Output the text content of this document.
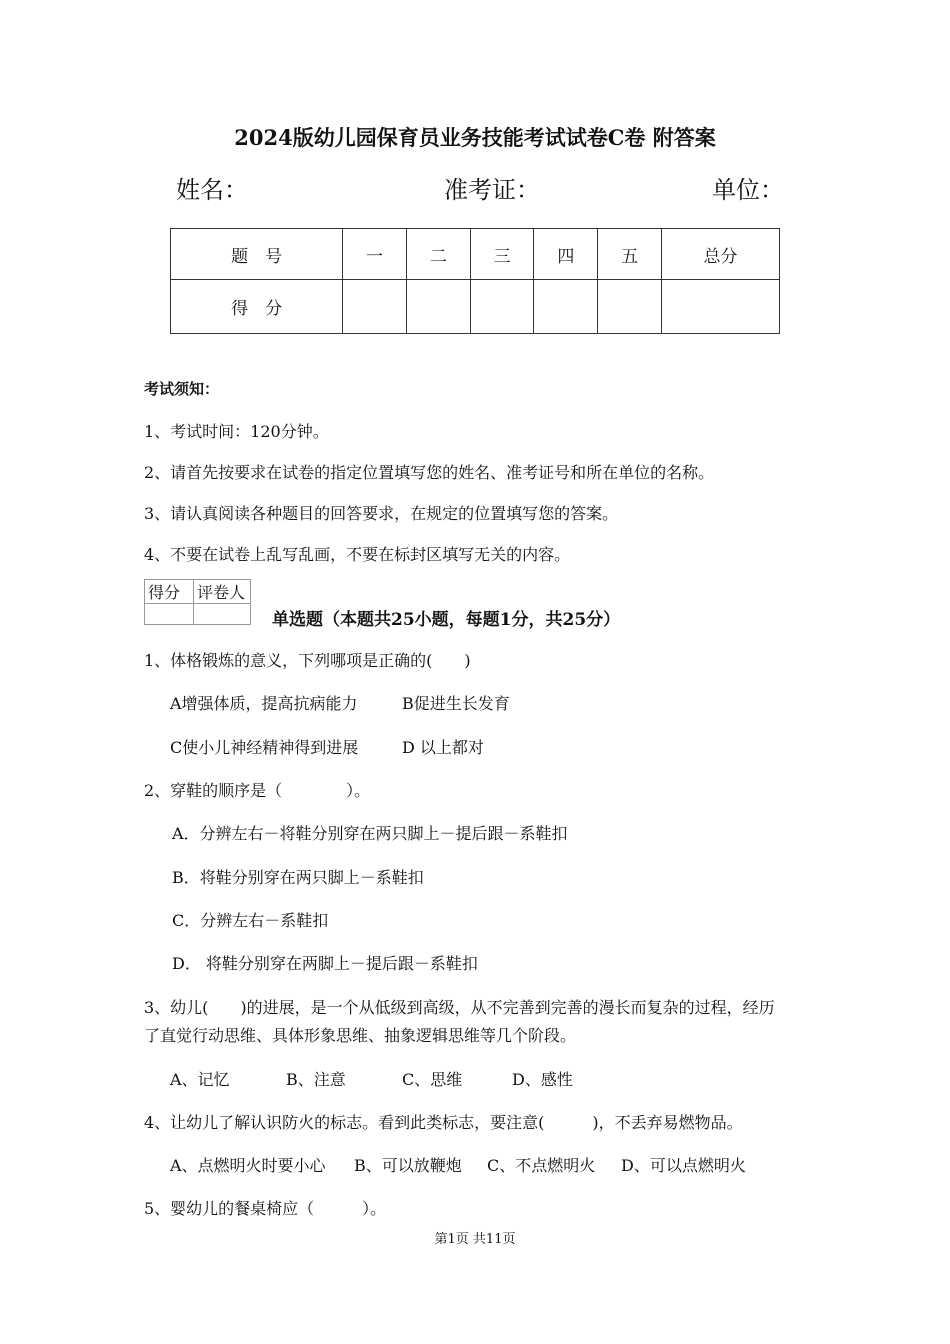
2024版幼儿园保育员业务技能考试试卷C卷 附答案
姓名：	准考证：	单位：
题　号	一	二	三	四	五	总分
得　分						
考试须知：
1、考试时间：120分钟。
2、请首先按要求在试卷的指定位置填写您的姓名、准考证号和所在单位的名称。
3、请认真阅读各种题目的回答要求，在规定的位置填写您的答案。
4、不要在试卷上乱写乱画，不要在标封区填写无关的内容。
得分	评卷人

单选题（本题共25小题，每题1分，共25分）
1、体格锻炼的意义，下列哪项是正确的(　　)
A增强体质，提高抗病能力	B促进生长发育
C使小儿神经精神得到进展	D 以上都对
2、穿鞋的顺序是（　　　　）。
A．分辨左右－将鞋分别穿在两只脚上－提后跟－系鞋扣
B．将鞋分别穿在两只脚上－系鞋扣
C．分辨左右－系鞋扣
D． 将鞋分别穿在两脚上－提后跟－系鞋扣
3、幼儿(　　)的进展，是一个从低级到高级，从不完善到完善的漫长而复杂的过程，经历
了直觉行动思维、具体形象思维、抽象逻辑思维等几个阶段。
A、记忆	B、注意	C、思维	D、感性
4、让幼儿了解认识防火的标志。看到此类标志，要注意(　　　)，不丢弃易燃物品。
A、点燃明火时要小心 B、可以放鞭炮 C、不点燃明火 D、可以点燃明火
5、婴幼儿的餐桌椅应（　　　）。
第1页 共11页
